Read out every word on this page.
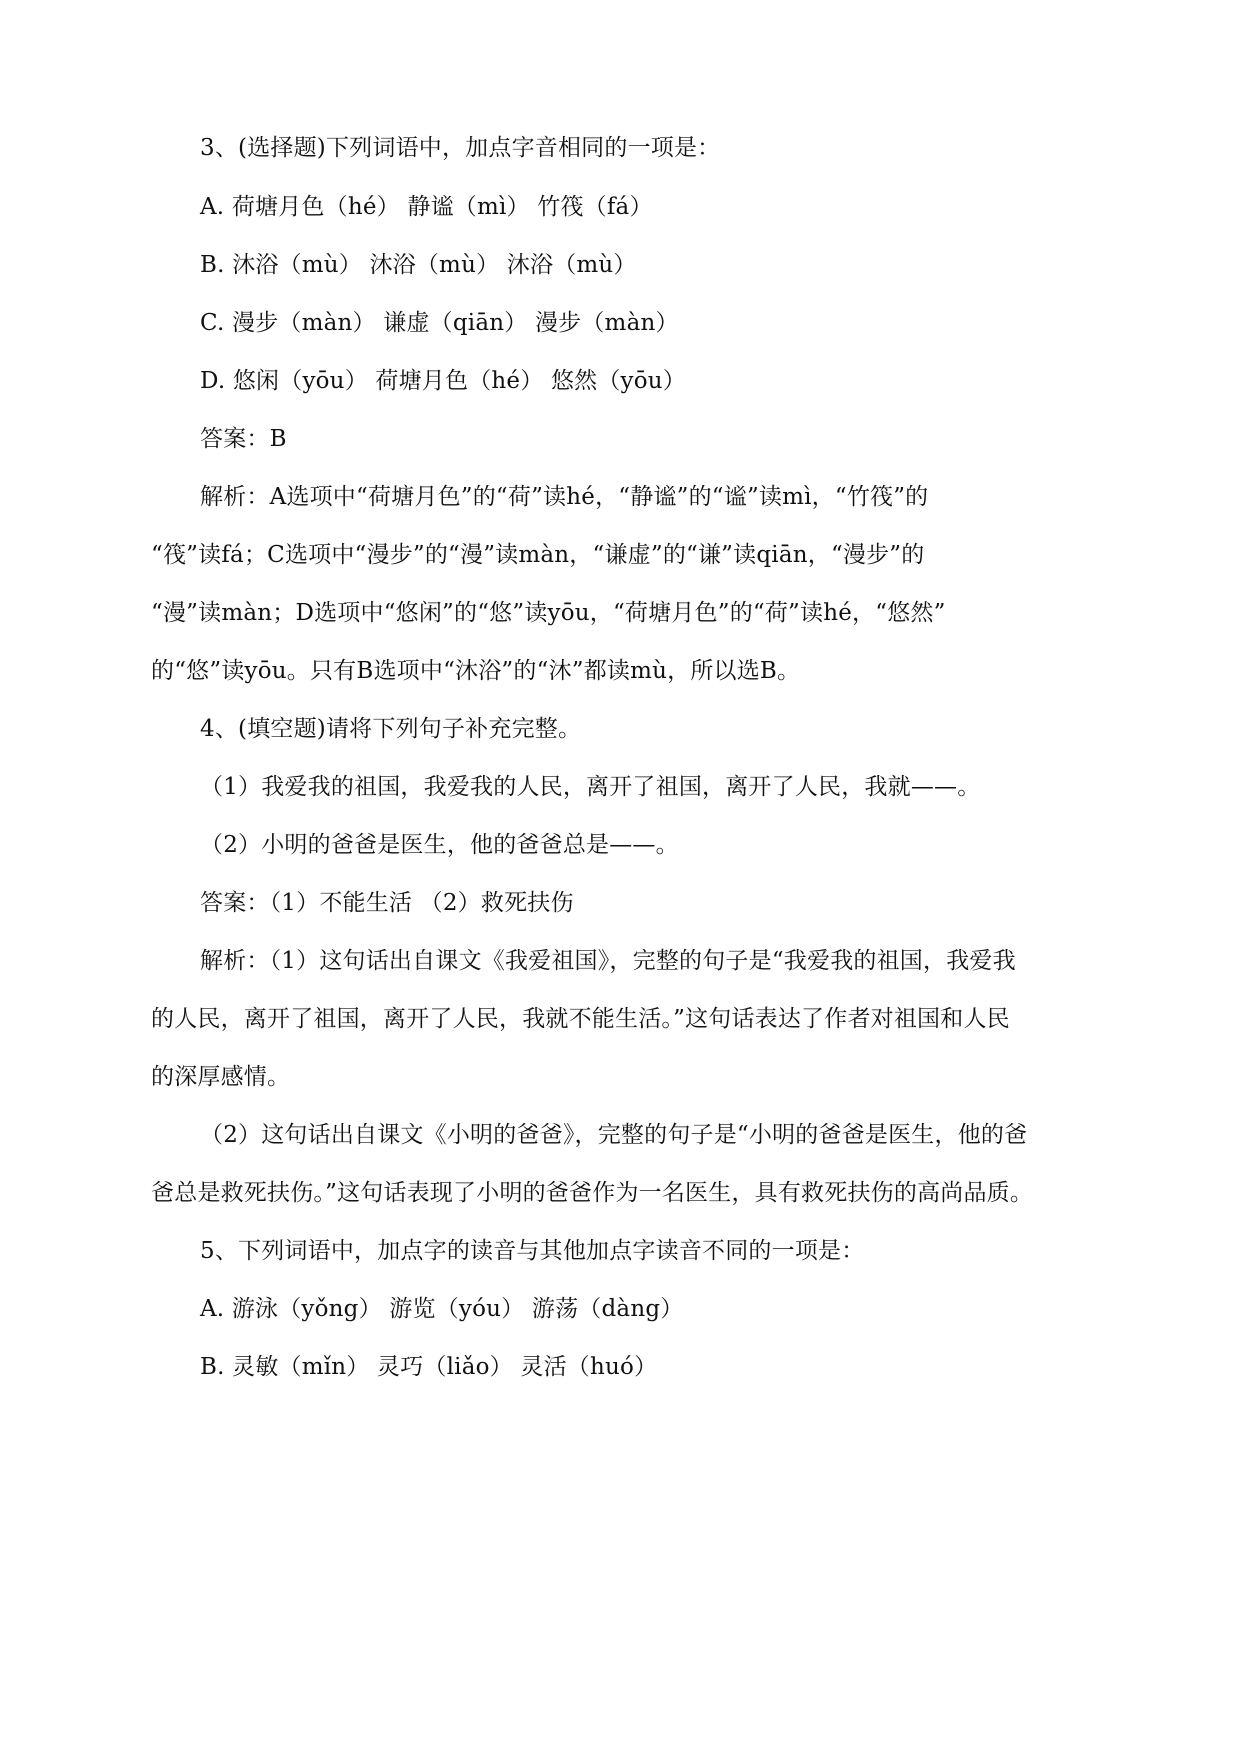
3、(选择题)下列词语中，加点字音相同的一项是：
A. 荷塘月色（hé） 静谧（mì） 竹筏（fá）
B. 沐浴（mù） 沐浴（mù） 沐浴（mù）
C. 漫步（màn） 谦虚（qiān） 漫步（màn）
D. 悠闲（yōu） 荷塘月色（hé） 悠然（yōu）
答案：B
解析：A选项中“荷塘月色”的“荷”读hé，“静谧”的“谧”读mì，“竹筏”的
“筏”读fá；C选项中“漫步”的“漫”读màn，“谦虚”的“谦”读qiān，“漫步”的
“漫”读màn；D选项中“悠闲”的“悠”读yōu，“荷塘月色”的“荷”读hé，“悠然”
的“悠”读yōu。只有B选项中“沐浴”的“沐”都读mù，所以选B。
4、(填空题)请将下列句子补充完整。
（1）我爱我的祖国，我爱我的人民，离开了祖国，离开了人民，我就——。
（2）小明的爸爸是医生，他的爸爸总是——。
答案：（1）不能生活 （2）救死扶伤
解析：（1）这句话出自课文《我爱祖国》，完整的句子是“我爱我的祖国，我爱我
的人民，离开了祖国，离开了人民，我就不能生活。”这句话表达了作者对祖国和人民
的深厚感情。
（2）这句话出自课文《小明的爸爸》，完整的句子是“小明的爸爸是医生，他的爸
爸总是救死扶伤。”这句话表现了小明的爸爸作为一名医生，具有救死扶伤的高尚品质。
5、下列词语中，加点字的读音与其他加点字读音不同的一项是：
A. 游泳（yǒng） 游览（yóu） 游荡（dàng）
B. 灵敏（mǐn） 灵巧（liǎo） 灵活（huó）
